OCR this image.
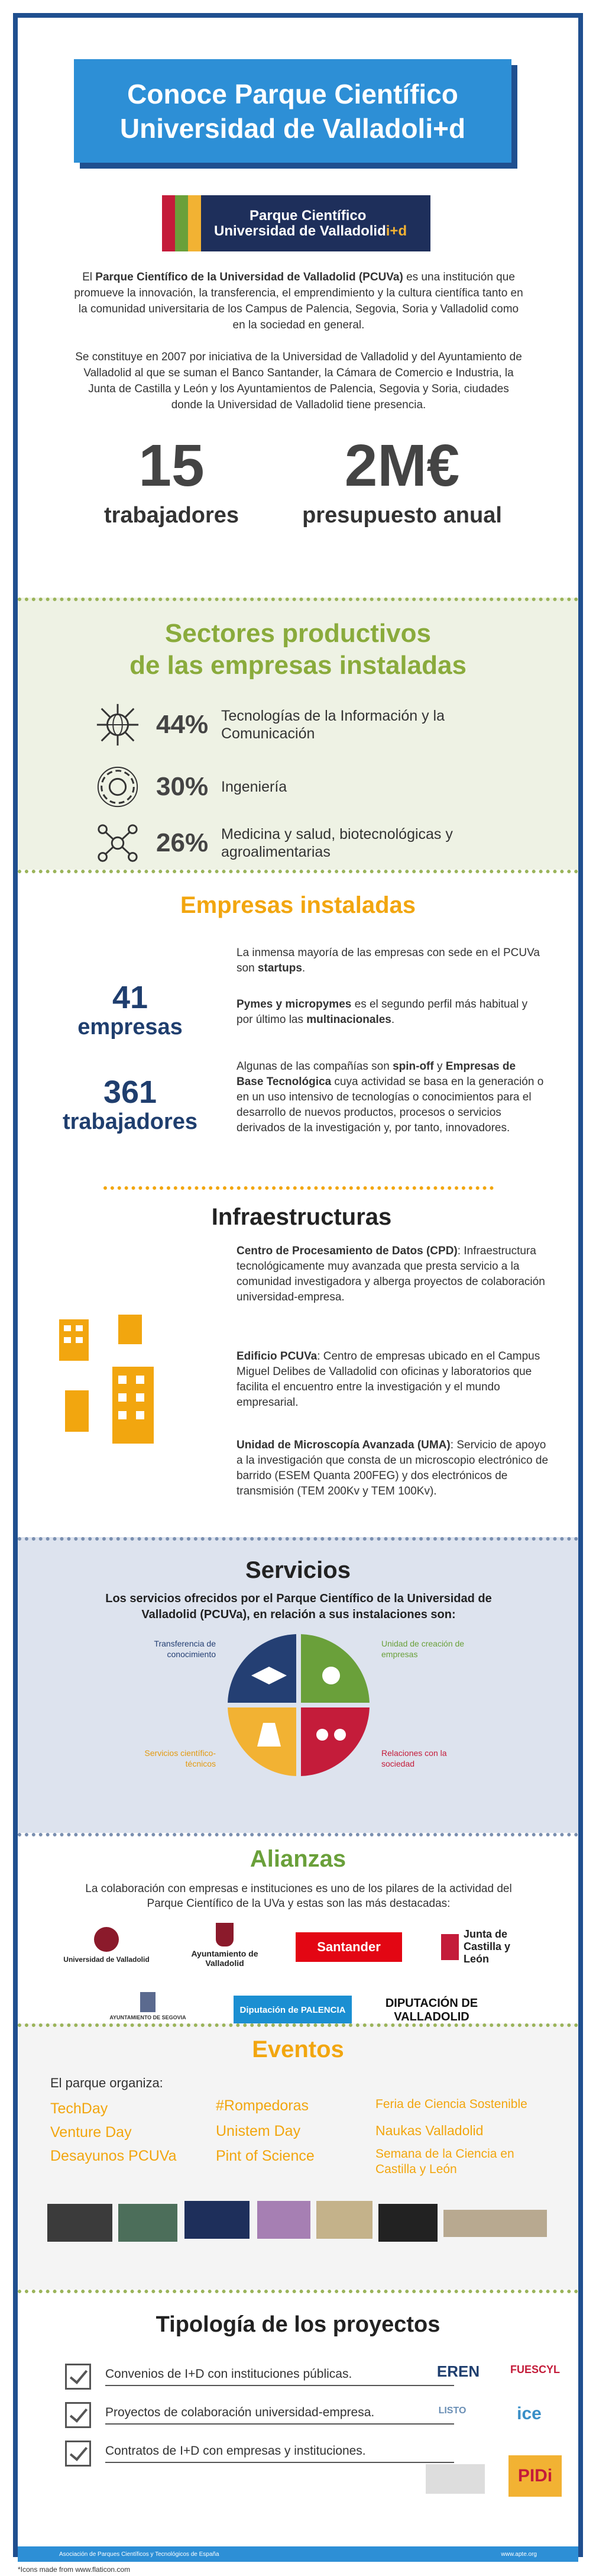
Conoce Parque Científico
Universidad de Valladoli+d
Parque Científico
Universidad de Valladolidi+d
El Parque Científico de la Universidad de Valladolid (PCUVa) es una institución que promueve la innovación, la transferencia, el emprendimiento y la cultura científica tanto en la comunidad universitaria de los Campus de Palencia, Segovia, Soria y Valladolid como en la sociedad en general.
Se constituye en 2007 por iniciativa de la Universidad de Valladolid y del Ayuntamiento de Valladolid al que se suman el Banco Santander, la Cámara de Comercio e Industria, la Junta de Castilla y León y los Ayuntamientos de Palencia, Segovia y Soria, ciudades donde la Universidad de Valladolid tiene presencia.
15
trabajadores
2M€
presupuesto anual
Sectores productivos
de las empresas instaladas
44% Tecnologías de la Información y la Comunicación
30% Ingeniería
26% Medicina y salud, biotecnológicas y agroalimentarias
Empresas instaladas
41
empresas
361
trabajadores
La inmensa mayoría de las empresas con sede en el PCUVa son startups.
Pymes y micropymes es el segundo perfil más habitual y por último las multinacionales.
Algunas de las compañías son spin-off y Empresas de Base Tecnológica cuya actividad se basa en la generación o en un uso intensivo de tecnologías o conocimientos para el desarrollo de nuevos productos, procesos o servicios derivados de la investigación y, por tanto, innovadores.
Infraestructuras
Centro de Procesamiento de Datos (CPD): Infraestructura tecnológicamente muy avanzada que presta servicio a la comunidad investigadora y alberga proyectos de colaboración universidad-empresa.
Edificio PCUVa: Centro de empresas ubicado en el Campus Miguel Delibes de Valladolid con oficinas y laboratorios que facilita el encuentro entre la investigación y el mundo empresarial.
Unidad de Microscopía Avanzada (UMA): Servicio de apoyo a la investigación que consta de un microscopio electrónico de barrido (ESEM Quanta 200FEG) y dos electrónicos de transmisión (TEM 200Kv y TEM 100Kv).
Servicios
Los servicios ofrecidos por el Parque Científico de la Universidad de Valladolid (PCUVa), en relación a sus instalaciones son:
Transferencia de conocimiento
Unidad de creación de empresas
Servicios científico-técnicos
Relaciones con la sociedad
Alianzas
La colaboración con empresas e instituciones es uno de los pilares de la actividad del Parque Científico de la UVa y estas son las más destacadas:
Universidad de Valladolid
Ayuntamiento de Valladolid
Santander
Junta de Castilla y León
AYUNTAMIENTO DE SEGOVIA
Diputación de PALENCIA
DIPUTACIÓN DE VALLADOLID
Eventos
El parque organiza:
TechDay
Venture Day
Desayunos PCUVa
#Rompedoras
Unistem Day
Pint of Science
Feria de Ciencia Sostenible
Naukas Valladolid
Semana de la Ciencia en Castilla y León
Tipología de los proyectos
Convenios de I+D con instituciones públicas.
Proyectos de colaboración universidad-empresa.
Contratos de I+D con empresas y instituciones.
EREN	FUESCYL
LISTO	ice
PIDi
Asociación de Parques Científicos y Tecnológicos de España	www.apte.org
*Icons made from www.flaticon.com
